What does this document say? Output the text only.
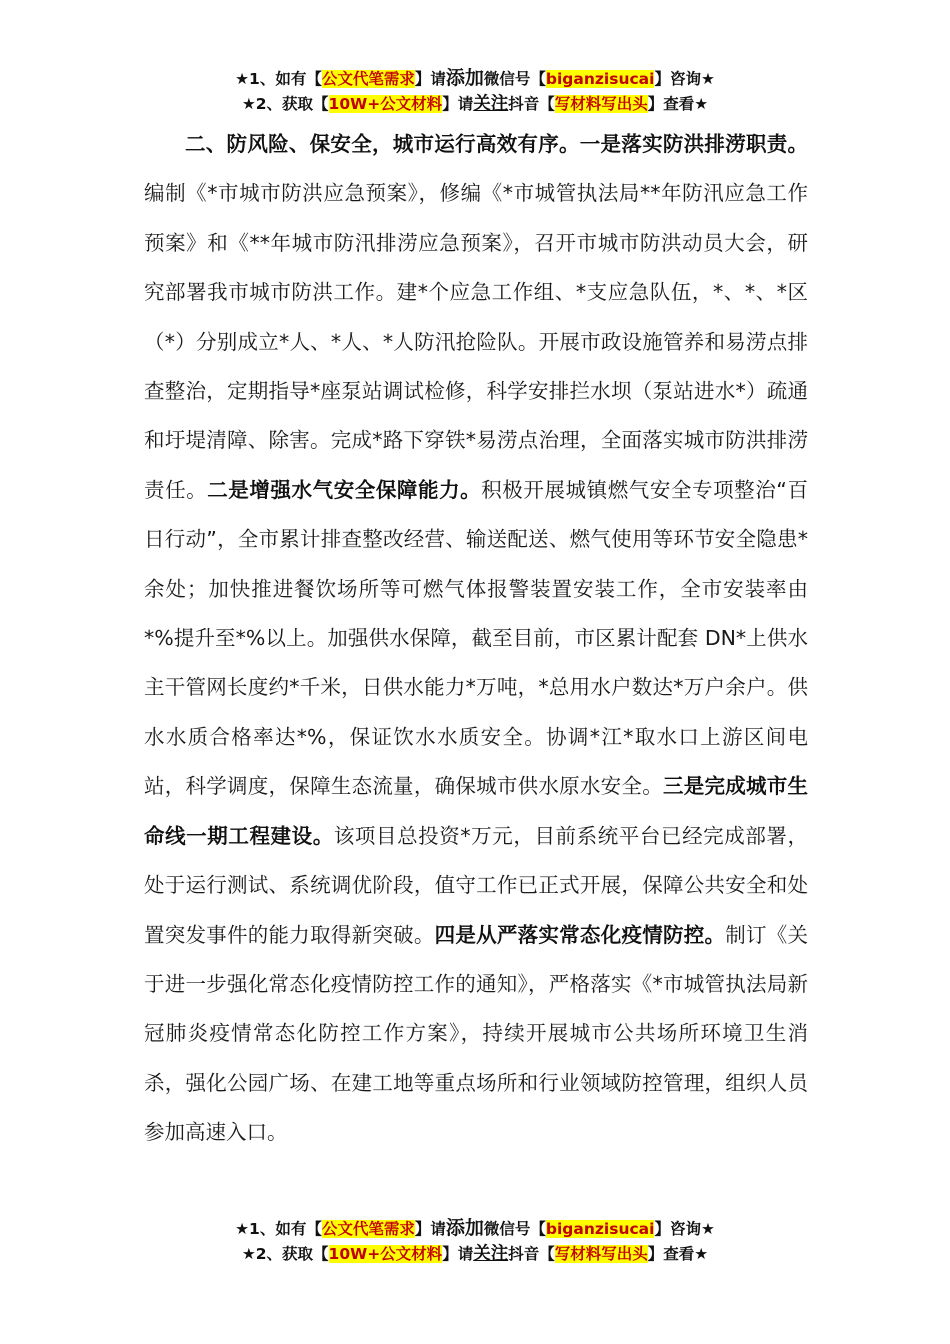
★1、如有【公文代笔需求】请添加微信号【biganzisucai】咨询★
★2、获取【10W+公文材料】请关注抖音【写材料写出头】查看★

二、防风险、保安全，城市运行高效有序。一是落实防洪排涝职责。编制《*市城市防洪应急预案》，修编《*市城管执法局**年防汛应急工作预案》和《**年城市防汛排涝应急预案》，召开市城市防洪动员大会，研究部署我市城市防洪工作。建*个应急工作组、*支应急队伍，*、*、*区（*）分别成立*人、*人、*人防汛抢险队。开展市政设施管养和易涝点排查整治，定期指导*座泵站调试检修，科学安排拦水坝（泵站进水*）疏通和圩堤清障、除害。完成*路下穿铁*易涝点治理，全面落实城市防洪排涝责任。二是增强水气安全保障能力。积极开展城镇燃气安全专项整治“百日行动”，全市累计排查整改经营、输送配送、燃气使用等环节安全隐患*余处；加快推进餐饮场所等可燃气体报警装置安装工作，全市安装率由*%提升至*%以上。加强供水保障，截至目前，市区累计配套 DN*上供水主干管网长度约*千米，日供水能力*万吨，*总用水户数达*万户余户。供水水质合格率达*%，保证饮水水质安全。协调*江*取水口上游区间电站，科学调度，保障生态流量，确保城市供水原水安全。三是完成城市生命线一期工程建设。该项目总投资*万元，目前系统平台已经完成部署，处于运行测试、系统调优阶段，值守工作已正式开展，保障公共安全和处置突发事件的能力取得新突破。四是从严落实常态化疫情防控。制订《关于进一步强化常态化疫情防控工作的通知》，严格落实《*市城管执法局新冠肺炎疫情常态化防控工作方案》，持续开展城市公共场所环境卫生消杀，强化公园广场、在建工地等重点场所和行业领域防控管理，组织人员参加高速入口。

★1、如有【公文代笔需求】请添加微信号【biganzisucai】咨询★
★2、获取【10W+公文材料】请关注抖音【写材料写出头】查看★
